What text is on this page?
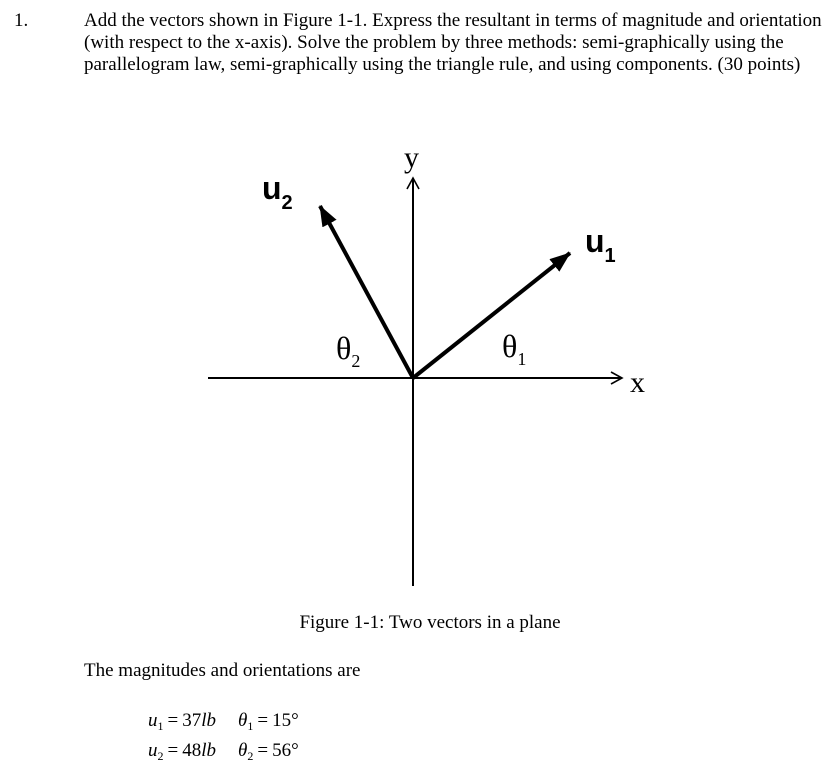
1.	Add the vectors shown in Figure 1-1. Express the resultant in terms of magnitude and orientation (with respect to the x-axis). Solve the problem by three methods: semi-graphically using the parallelogram law, semi-graphically using the triangle rule, and using components. (30 points)
y
x
$u_2$
$u_1$
$\theta_2$	$\theta_1$
Figure 1-1: Two vectors in a plane
The magnitudes and orientations are
$u_1 = 37lb$ $\theta_1 = 15^\circ$
$u_2 = 48lb$ $\theta_2 = 56^\circ$
